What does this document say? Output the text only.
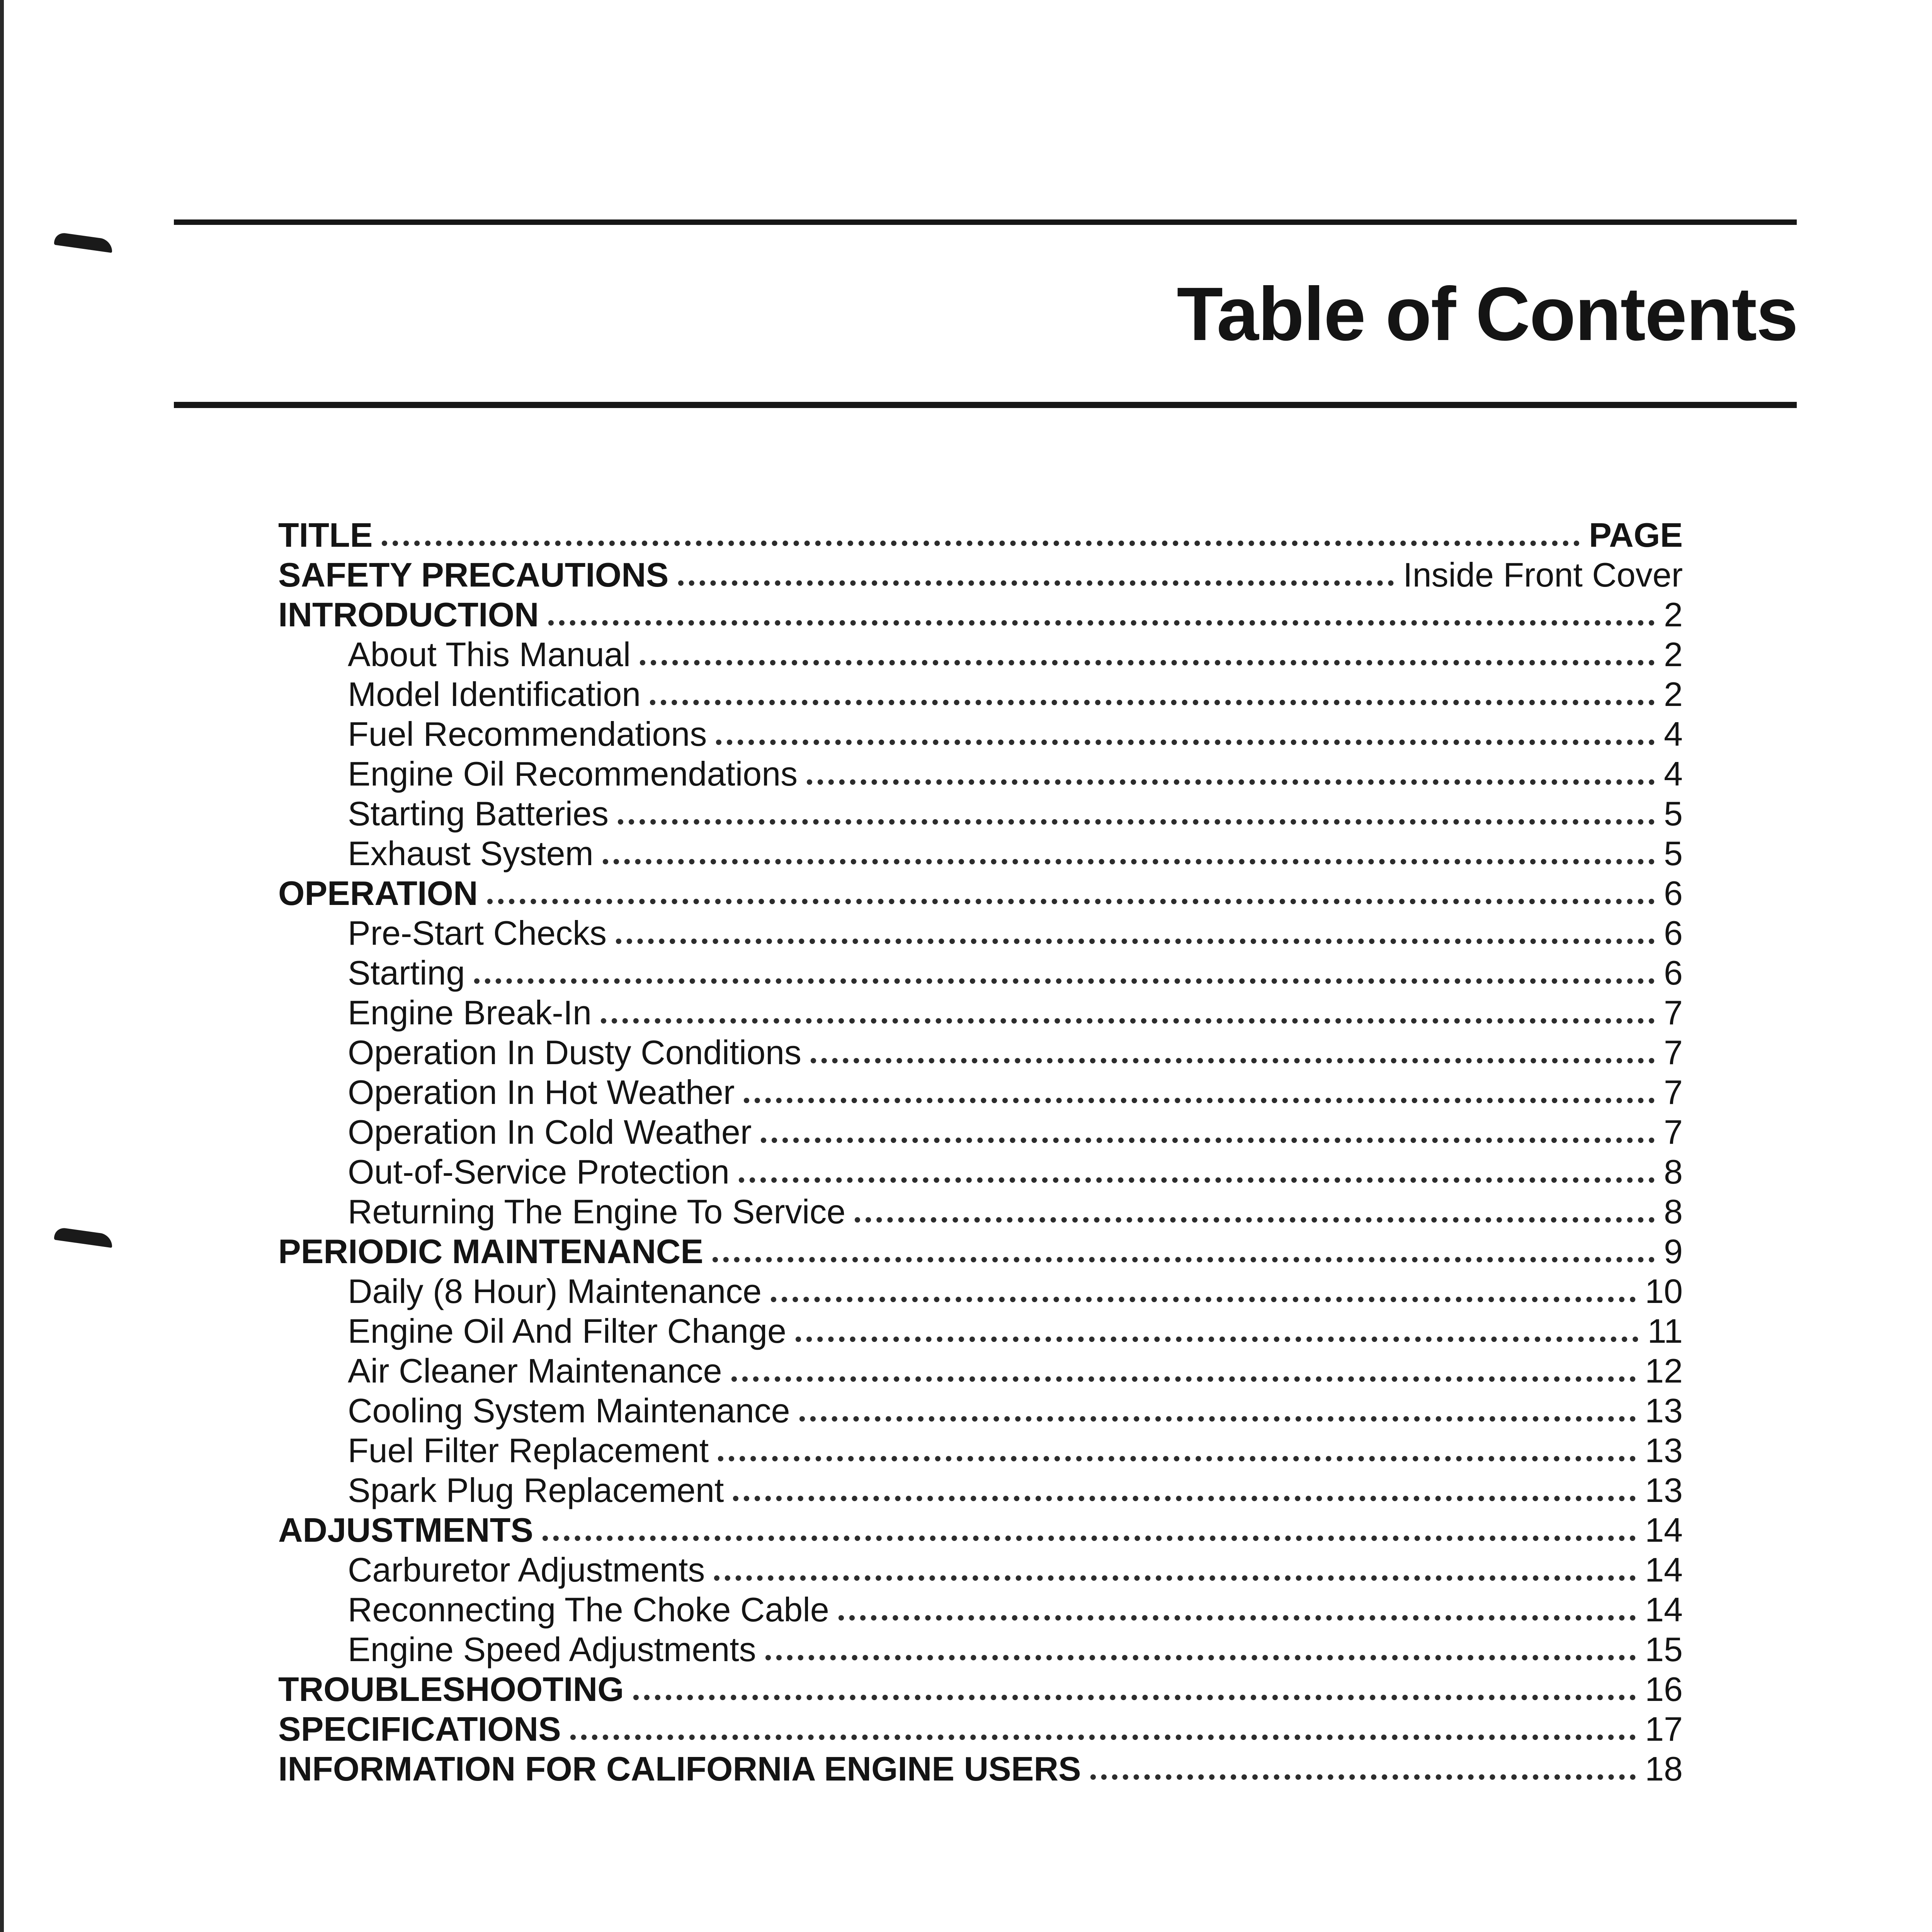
Table of Contents
TITLE	PAGE
SAFETY PRECAUTIONS	Inside Front Cover
INTRODUCTION	2
About This Manual	2
Model Identification	2
Fuel Recommendations	4
Engine Oil Recommendations	4
Starting Batteries	5
Exhaust System	5
OPERATION	6
Pre-Start Checks	6
Starting	6
Engine Break-In	7
Operation In Dusty Conditions	7
Operation In Hot Weather	7
Operation In Cold Weather	7
Out-of-Service Protection	8
Returning The Engine To Service	8
PERIODIC MAINTENANCE	9
Daily (8 Hour) Maintenance	10
Engine Oil And Filter Change	11
Air Cleaner Maintenance	12
Cooling System Maintenance	13
Fuel Filter Replacement	13
Spark Plug Replacement	13
ADJUSTMENTS	14
Carburetor Adjustments	14
Reconnecting The Choke Cable	14
Engine Speed Adjustments	15
TROUBLESHOOTING	16
SPECIFICATIONS	17
INFORMATION FOR CALIFORNIA ENGINE USERS	18
